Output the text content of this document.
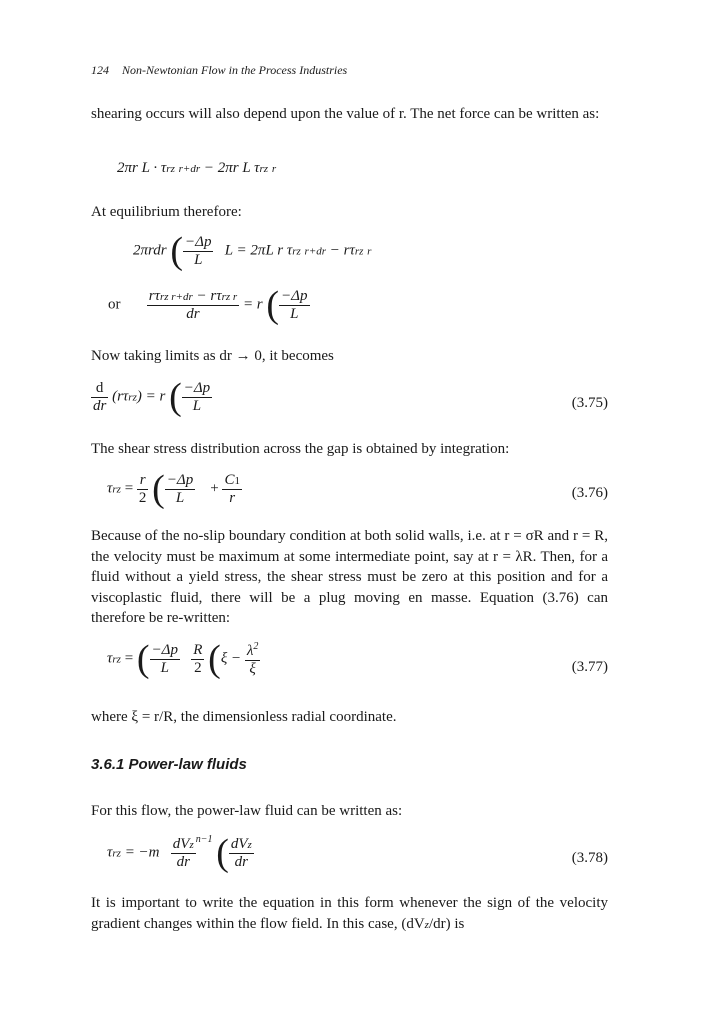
124 Non-Newtonian Flow in the Process Industries
shearing occurs will also depend upon the value of r. The net force can be written as:
2πr L · τrz r+dr − 2πr L τrz r
At equilibrium therefore:
2πrdr ( $\frac{-\Delta p}{L}$ L = 2πL r τrz r+dr − rτrz r
or $\frac{\text{rτrz r+dr − rτrz r}}{dr} = r$ ( $\frac{-\Delta p}{L}$
Now taking limits as dr → 0, it becomes
$\frac{d}{dr} (r\tau rz) = r$ ( $\frac{-\Delta p}{L}$	(3.75)
The shear stress distribution across the gap is obtained by integration:
$\tau rz = \frac{r}{2}$ ( $\frac{-\Delta p}{L} + \frac{C1}{r}$	(3.76)
Because of the no-slip boundary condition at both solid walls, i.e. at r = σR and r = R, the velocity must be maximum at some intermediate point, say at r = λR. Then, for a fluid without a yield stress, the shear stress must be zero at this position and for a viscoplastic fluid, there will be a plug moving en masse. Equation (3.76) can therefore be re-written:
τrz = ( $\frac{-\Delta p}{L}$
$\frac{R}{2} (\xi - \frac{\lambda^2}{\xi}$	(3.77)
where ξ = r/R, the dimensionless radial coordinate.
3.6.1 Power-law fluids
For this flow, the power-law fluid can be written as:
$\tau rz = -m \frac{\text{dVz}}{dr} ^{n-1}$ ( $\frac{\text{dVz}}{dr}$	(3.78)
It is important to write the equation in this form whenever the sign of the velocity gradient changes within the flow field. In this case, (dVz/dr) is
